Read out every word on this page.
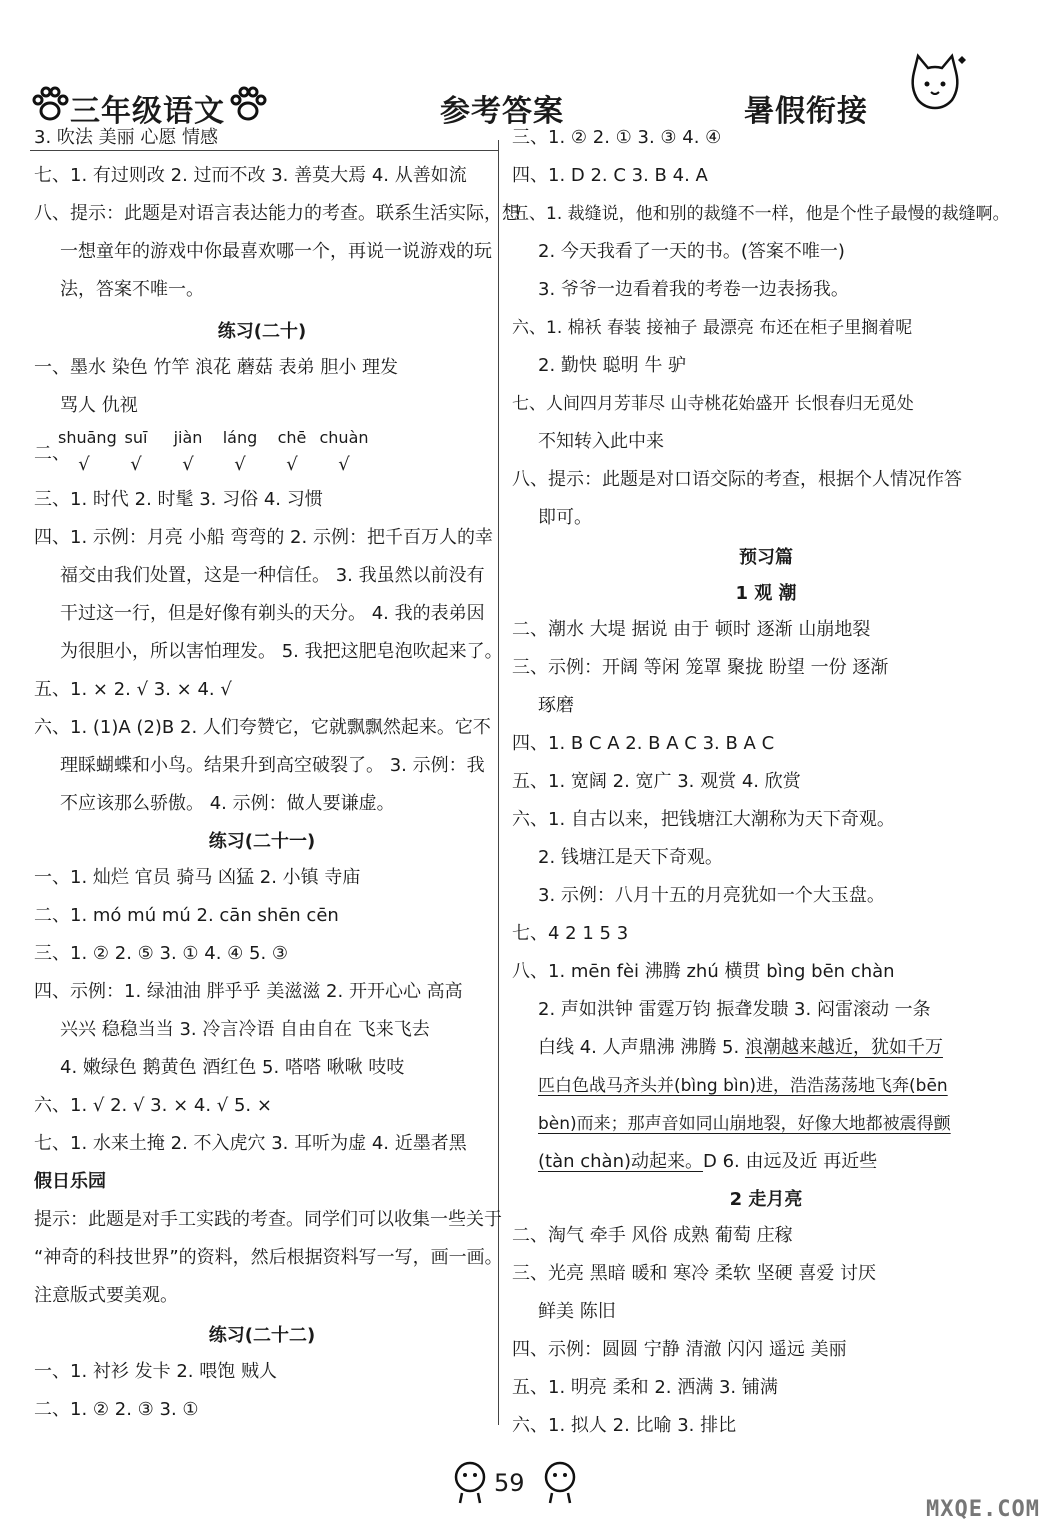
三年级语文	参考答案	暑假衔接
3. 吹法 美丽 心愿 情感
七、1. 有过则改 2. 过而不改 3. 善莫大焉 4. 从善如流
八、提示：此题是对语言表达能力的考查。联系生活实际，想
一想童年的游戏中你最喜欢哪一个，再说一说游戏的玩
法，答案不唯一。
练习(二十)
一、墨水 染色 竹竿 浪花 蘑菇 表弟 胆小 理发
骂人 仇视
shuāng suī jiàn láng chē chuàn
二、
√ √ √ √ √ √
三、1. 时代 2. 时髦 3. 习俗 4. 习惯
四、1. 示例：月亮 小船 弯弯的 2. 示例：把千百万人的幸
福交由我们处置，这是一种信任。 3. 我虽然以前没有
干过这一行，但是好像有剃头的天分。 4. 我的表弟因
为很胆小，所以害怕理发。 5. 我把这肥皂泡吹起来了。
五、1. × 2. √ 3. × 4. √
六、1. (1)A (2)B 2. 人们夸赞它，它就飘飘然起来。它不
理睬蝴蝶和小鸟。结果升到高空破裂了。 3. 示例：我
不应该那么骄傲。 4. 示例：做人要谦虚。
练习(二十一)
一、1. 灿烂 官员 骑马 凶猛 2. 小镇 寺庙
二、1. mó mú mú 2. cān shēn cēn
三、1. ② 2. ⑤ 3. ① 4. ④ 5. ③
四、示例：1. 绿油油 胖乎乎 美滋滋 2. 开开心心 高高
兴兴 稳稳当当 3. 冷言冷语 自由自在 飞来飞去
4. 嫩绿色 鹅黄色 酒红色 5. 嗒嗒 啾啾 吱吱
六、1. √ 2. √ 3. × 4. √ 5. ×
七、1. 水来土掩 2. 不入虎穴 3. 耳听为虚 4. 近墨者黑
假日乐园
提示：此题是对手工实践的考查。同学们可以收集一些关于
“神奇的科技世界”的资料，然后根据资料写一写，画一画。
注意版式要美观。
练习(二十二)
一、1. 衬衫 发卡 2. 喂饱 贼人
二、1. ② 2. ③ 3. ①
三、1. ② 2. ① 3. ③ 4. ④
四、1. D 2. C 3. B 4. A
五、1. 裁缝说，他和别的裁缝不一样，他是个性子最慢的裁缝啊。
2. 今天我看了一天的书。(答案不唯一)
3. 爷爷一边看着我的考卷一边表扬我。
六、1. 棉袄 春装 接袖子 最漂亮 布还在柜子里搁着呢
2. 勤快 聪明 牛 驴
七、人间四月芳菲尽 山寺桃花始盛开 长恨春归无觅处
不知转入此中来
八、提示：此题是对口语交际的考查，根据个人情况作答
即可。
预习篇
1 观 潮
二、潮水 大堤 据说 由于 顿时 逐渐 山崩地裂
三、示例：开阔 等闲 笼罩 聚拢 盼望 一份 逐渐
琢磨
四、1. B C A 2. B A C 3. B A C
五、1. 宽阔 2. 宽广 3. 观赏 4. 欣赏
六、1. 自古以来，把钱塘江大潮称为天下奇观。
2. 钱塘江是天下奇观。
3. 示例：八月十五的月亮犹如一个大玉盘。
七、4 2 1 5 3
八、1. mēn fèi 沸腾 zhú 横贯 bìng bēn chàn
2. 声如洪钟 雷霆万钧 振聋发聩 3. 闷雷滚动 一条
白线 4. 人声鼎沸 沸腾 5. 浪潮越来越近，犹如千万
匹白色战马齐头并(bìng bìn)进，浩浩荡荡地飞奔(bēn
bèn)而来；那声音如同山崩地裂，好像大地都被震得颤
(tàn chàn)动起来。D 6. 由远及近 再近些
2 走月亮
二、淘气 牵手 风俗 成熟 葡萄 庄稼
三、光亮 黑暗 暖和 寒冷 柔软 坚硬 喜爱 讨厌
鲜美 陈旧
四、示例：圆圆 宁静 清澈 闪闪 遥远 美丽
五、1. 明亮 柔和 2. 洒满 3. 铺满
六、1. 拟人 2. 比喻 3. 排比
59
MXQE.COM
